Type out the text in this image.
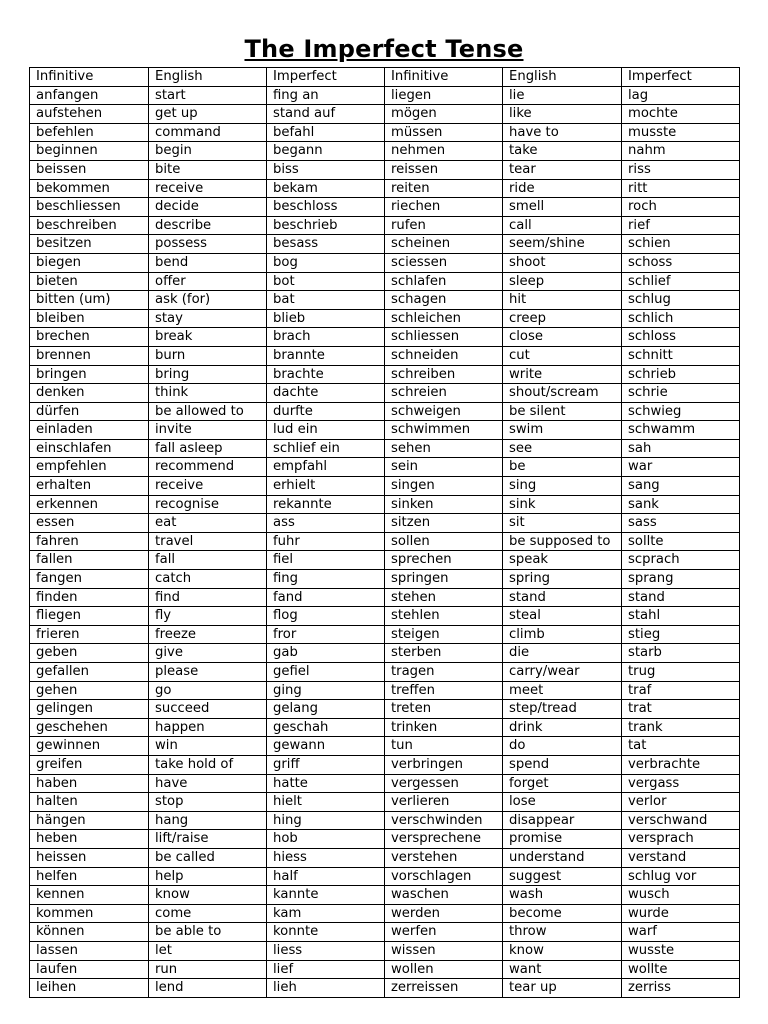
The Imperfect Tense
Infinitive	English	Imperfect	Infinitive	English	Imperfect
anfangen	start	fing an	liegen	lie	lag
aufstehen	get up	stand auf	mögen	like	mochte
befehlen	command	befahl	müssen	have to	musste
beginnen	begin	begann	nehmen	take	nahm
beissen	bite	biss	reissen	tear	riss
bekommen	receive	bekam	reiten	ride	ritt
beschliessen	decide	beschloss	riechen	smell	roch
beschreiben	describe	beschrieb	rufen	call	rief
besitzen	possess	besass	scheinen	seem/shine	schien
biegen	bend	bog	sciessen	shoot	schoss
bieten	offer	bot	schlafen	sleep	schlief
bitten (um)	ask (for)	bat	schagen	hit	schlug
bleiben	stay	blieb	schleichen	creep	schlich
brechen	break	brach	schliessen	close	schloss
brennen	burn	brannte	schneiden	cut	schnitt
bringen	bring	brachte	schreiben	write	schrieb
denken	think	dachte	schreien	shout/scream	schrie
dürfen	be allowed to	durfte	schweigen	be silent	schwieg
einladen	invite	lud ein	schwimmen	swim	schwamm
einschlafen	fall asleep	schlief ein	sehen	see	sah
empfehlen	recommend	empfahl	sein	be	war
erhalten	receive	erhielt	singen	sing	sang
erkennen	recognise	rekannte	sinken	sink	sank
essen	eat	ass	sitzen	sit	sass
fahren	travel	fuhr	sollen	be supposed to	sollte
fallen	fall	fiel	sprechen	speak	scprach
fangen	catch	fing	springen	spring	sprang
finden	find	fand	stehen	stand	stand
fliegen	fly	flog	stehlen	steal	stahl
frieren	freeze	fror	steigen	climb	stieg
geben	give	gab	sterben	die	starb
gefallen	please	gefiel	tragen	carry/wear	trug
gehen	go	ging	treffen	meet	traf
gelingen	succeed	gelang	treten	step/tread	trat
geschehen	happen	geschah	trinken	drink	trank
gewinnen	win	gewann	tun	do	tat
greifen	take hold of	griff	verbringen	spend	verbrachte
haben	have	hatte	vergessen	forget	vergass
halten	stop	hielt	verlieren	lose	verlor
hängen	hang	hing	verschwinden	disappear	verschwand
heben	lift/raise	hob	versprechene	promise	versprach
heissen	be called	hiess	verstehen	understand	verstand
helfen	help	half	vorschlagen	suggest	schlug vor
kennen	know	kannte	waschen	wash	wusch
kommen	come	kam	werden	become	wurde
können	be able to	konnte	werfen	throw	warf
lassen	let	liess	wissen	know	wusste
laufen	run	lief	wollen	want	wollte
leihen	lend	lieh	zerreissen	tear up	zerriss
